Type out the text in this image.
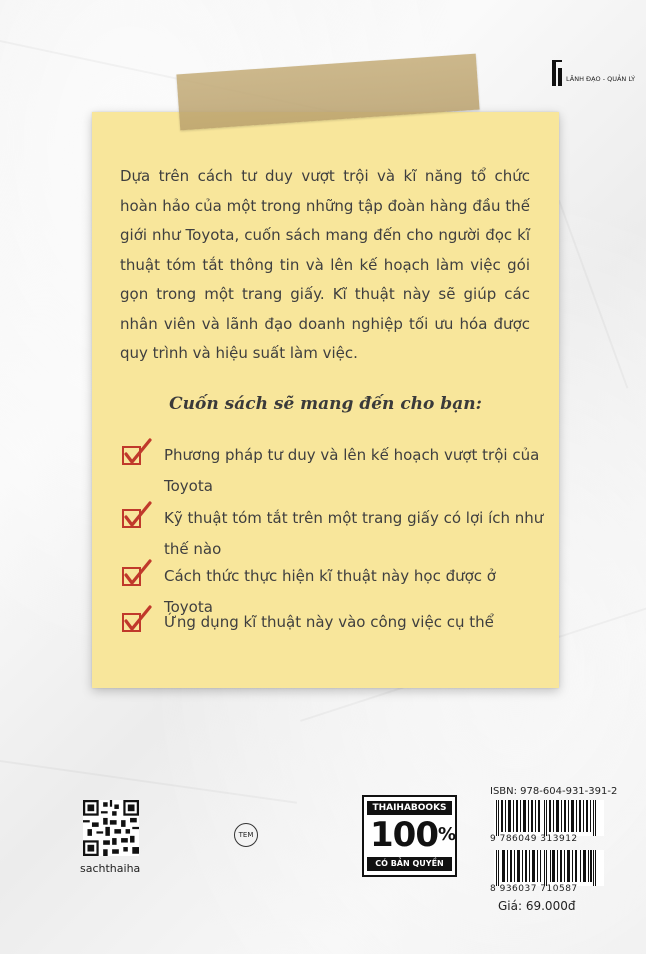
LÃNH ĐẠO - QUẢN LÝ

Dựa trên cách tư duy vượt trội và kĩ năng tổ chức hoàn hảo của một trong những tập đoàn hàng đầu thế giới như Toyota, cuốn sách mang đến cho người đọc kĩ thuật tóm tắt thông tin và lên kế hoạch làm việc gói gọn trong một trang giấy. Kĩ thuật này sẽ giúp các nhân viên và lãnh đạo doanh nghiệp tối ưu hóa được quy trình và hiệu suất làm việc.

Cuốn sách sẽ mang đến cho bạn:
Phương pháp tư duy và lên kế hoạch vượt trội của Toyota
Kỹ thuật tóm tắt trên một trang giấy có lợi ích như thế nào
Cách thức thực hiện kĩ thuật này học được ở Toyota
Ứng dụng kĩ thuật này vào công việc cụ thể
sachthaiha
TEM
THAIHABOOKS
100%
CÓ BẢN QUYỀN
ISBN: 978-604-931-391-2
9 786049 313912
8 936037 710587
Giá: 69.000đ
